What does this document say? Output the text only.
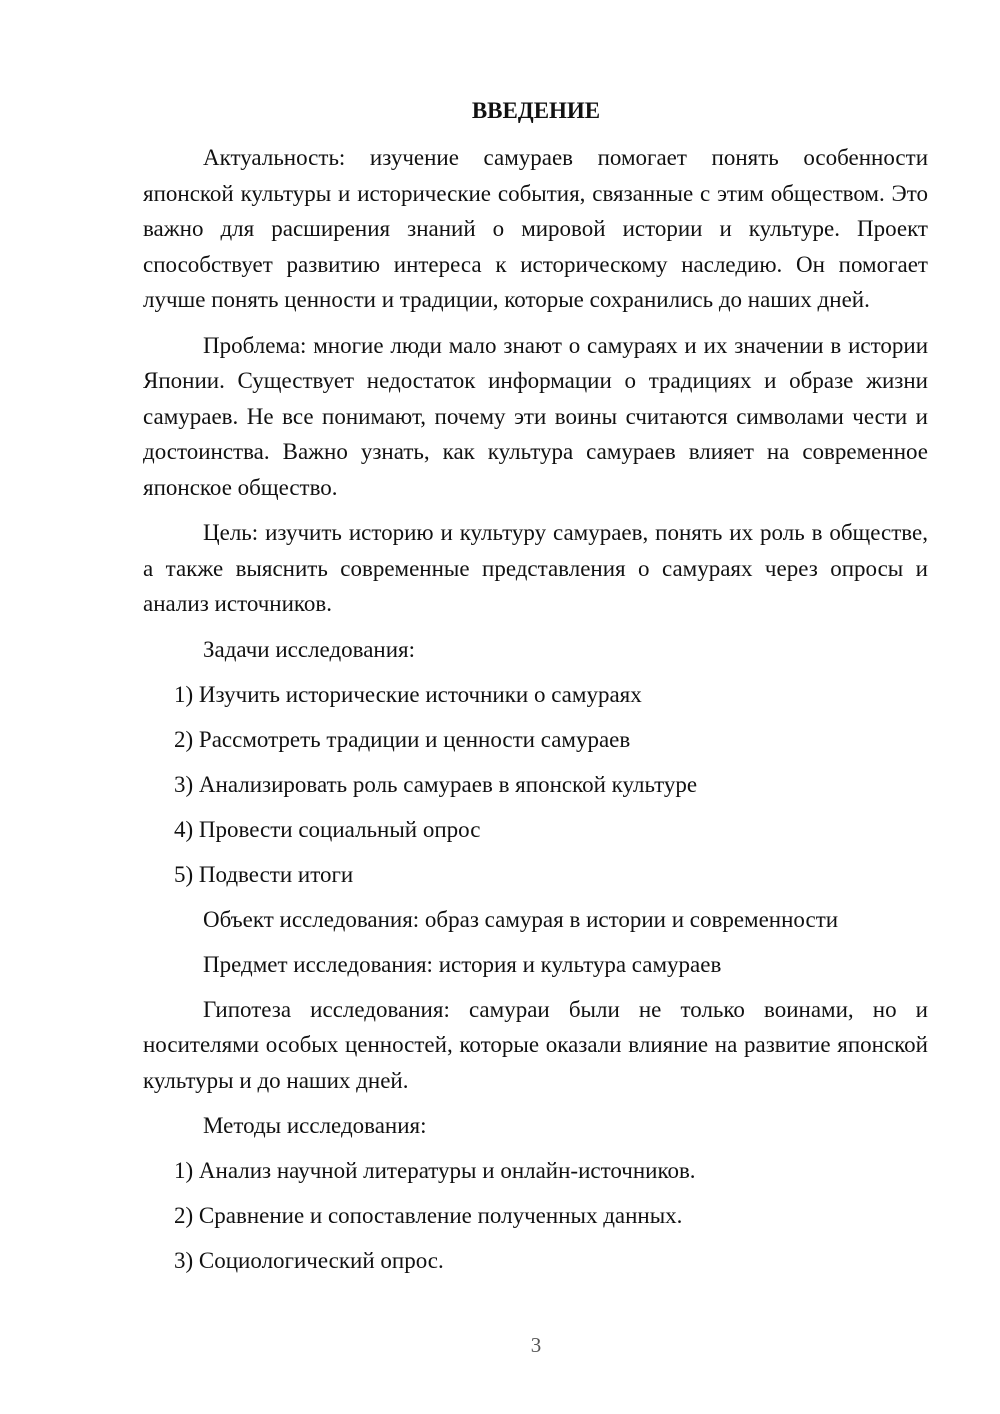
ВВЕДЕНИЕ
Актуальность: изучение самураев помогает понять особенности японской культуры и исторические события, связанные с этим обществом. Это важно для расширения знаний о мировой истории и культуре. Проект способствует развитию интереса к историческому наследию. Он помогает лучше понять ценности и традиции, которые сохранились до наших дней.
Проблема: многие люди мало знают о самураях и их значении в истории Японии. Существует недостаток информации о традициях и образе жизни самураев. Не все понимают, почему эти воины считаются символами чести и достоинства. Важно узнать, как культура самураев влияет на современное японское общество.
Цель: изучить историю и культуру самураев, понять их роль в обществе, а также выяснить современные представления о самураях через опросы и анализ источников.
Задачи исследования:
1) Изучить исторические источники о самураях
2) Рассмотреть традиции и ценности самураев
3) Анализировать роль самураев в японской культуре
4) Провести социальный опрос
5) Подвести итоги
Объект исследования: образ самурая в истории и современности
Предмет исследования: история и культура самураев
Гипотеза исследования: самураи были не только воинами, но и носителями особых ценностей, которые оказали влияние на развитие японской культуры и до наших дней.
Методы исследования:
1) Анализ научной литературы и онлайн-источников.
2) Сравнение и сопоставление полученных данных.
3) Социологический опрос.
3
